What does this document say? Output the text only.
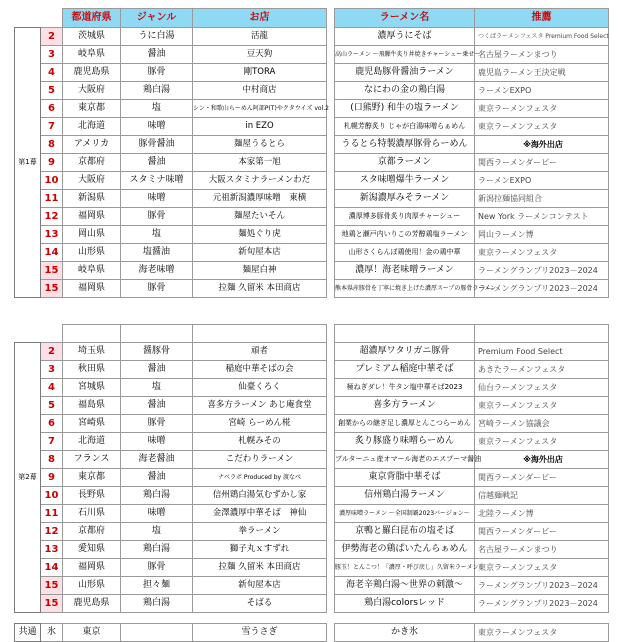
		都道府県	ジャンル	お店		ラーメン名	推薦
第1幕	2	茨城県	うに白湯	活龍		濃厚うにそば	つくばラーメンフェスタ Premium Food Select
	3	岐阜県	醤油	豆天狗		高山ラーメン 〜飛騨牛炙り丼焼きチャーシュー乗せ〜	名古屋ラーメンまつり
	4	鹿児島県	豚骨	剛TORA		鹿児島豚骨醤油ラーメン	鹿児島ラーメン王決定戦
	5	大阪府	鶏白湯	中村商店		なにわの金の鶏白湯	ラーメンEXPO
	6	東京都	塩	シン・和歌山らーめん阿部P(T)やクタウイズ vol.2		(口熊野) 和牛の塩ラーメン	東京ラーメンフェスタ
	7	北海道	味噌	in EZO		札幌芳醇炙り じゃが白湯味噌らぁめん	東京ラーメンフェスタ
	8	アメリカ	豚骨醤油	麺屋うるとら		うるとら特製濃厚豚骨らーめん	※海外出店
	9	京都府	醤油	本家第一旭		京都ラーメン	関西ラーメンダービー
	10	大阪府	スタミナ味噌	大阪スタミナラーメンわだ		スタ味噌爆牛ラーメン	ラーメンEXPO
	11	新潟県	味噌	元祖新潟濃厚味噌　東横		新潟濃厚みそラーメン	新潟拉麺協同組合
	12	福岡県	豚骨	麺屋たいそん		濃厚博多豚骨炙り肉厚チャーシュー	New York ラーメンコンテスト
	13	岡山県	塩	麺処ぐり虎		地鶏と瀬戸内いりこの芳醇鶏塩ラーメン	岡山ラーメン博
	14	山形県	塩醤油	新旬屋本店		山形さくらんぼ鶏使用！金の鶏中華	東京ラーメンフェスタ
	15	岐阜県	海老味噌	麺屋白神		濃厚！海老味噌ラーメン	ラーメングランプリ2023－2024
	15	福岡県	豚骨	拉麺 久留米 本田商店		熊本県産豚骨を丁寧に焼き上げた濃厚スープの豚骨ラーメン	ラーメングランプリ2023－2024

第2幕	2	埼玉県	醤豚骨	頑者		超濃厚ワタリガニ豚骨	Premium Food Select
	3	秋田県	醤油	稲庭中華そばの会		プレミアム稲庭中華そば	あきたラーメンフェスタ
	4	宮城県	塩	仙臺くろく		極ねぎダレ！牛タン塩中華そば2023	仙台ラーメンフェスタ
	5	福島県	醤油	喜多方ラーメン あじ庵食堂		喜多方ラーメン	東京ラーメンフェスタ
	6	宮崎県	豚骨	宮崎 らーめん椛		創業からの継ぎ足し濃厚とんこつらーめん	宮崎ラーメン協議会
	7	北海道	味噌	札幌みその		炙り豚盛り味噌らーめん	東京ラーメンフェスタ
	8	フランス	海老醤油	こだわりラーメン		ブルターニュ産オマール海老のエスプーマ醤油	※海外出店
	9	東京都	醤油	ナベラボ Produced by 渡なべ		東京背脂中華そば	関西ラーメンダービー
	10	長野県	鶏白湯	信州鶏白湯気むずかし家		信州鶏白湯ラーメン	信越麺戦記
	11	石川県	味噌	金澤濃厚中華そば　神仙		濃厚味噌ラーメン 〜全国制覇2023バージョン〜	北陸ラーメン博
	12	京都府	塩	拳ラーメン		京鴨と羅臼昆布の塩そば	関西ラーメンダービー
	13	愛知県	鶏白湯	獅子丸ｘすずれ		伊勢海老の鶏ぱいたんらぁめん	名古屋ラーメンまつり
	14	福岡県	豚骨	拉麺 久留米 本田商店		豚玉！とんこつ！「濃厚・呼び戻し」久留米ラーメン！	東京ラーメンフェスタ
	15	山形県	担々麺	新旬屋本店		海老辛鶏白湯～世界の刺激～	ラーメングランプリ2023－2024
	15	鹿児島県	鶏白湯	そばる		鶏白湯colorsレッド	ラーメングランプリ2023－2024

共通	氷	東京		雪うさぎ		かき氷	東京ラーメンフェスタ
